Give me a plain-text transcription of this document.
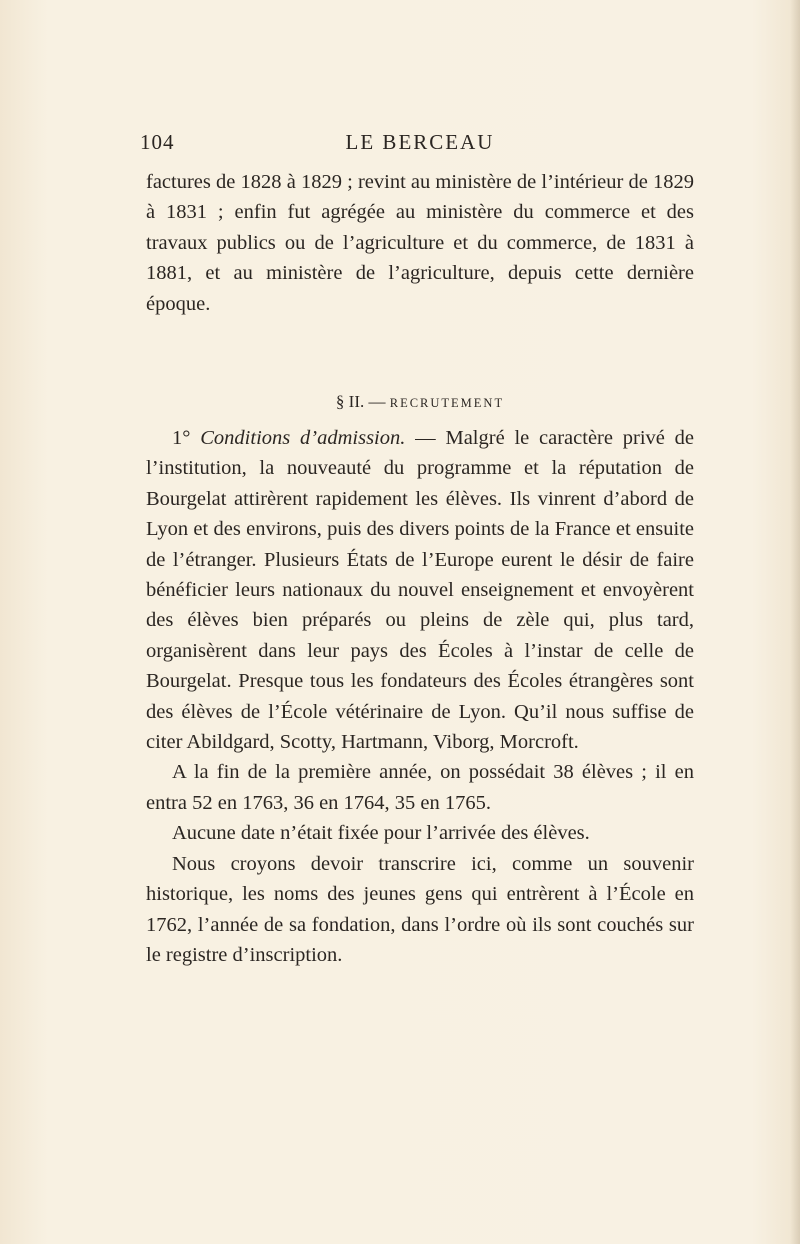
104	LE BERCEAU

factures de 1828 à 1829 ; revint au ministère de l’intérieur de 1829 à 1831 ; enfin fut agrégée au ministère du commerce et des travaux publics ou de l’agriculture et du commerce, de 1831 à 1881, et au ministère de l’agriculture, depuis cette dernière époque.

§ II. — RECRUTEMENT

1° Conditions d’admission. — Malgré le caractère privé de l’institution, la nouveauté du programme et la réputation de Bourgelat attirèrent rapidement les élèves. Ils vinrent d’abord de Lyon et des environs, puis des divers points de la France et ensuite de l’étranger. Plusieurs États de l’Europe eurent le désir de faire bénéficier leurs nationaux du nouvel enseignement et envoyèrent des élèves bien préparés ou pleins de zèle qui, plus tard, organisèrent dans leur pays des Écoles à l’instar de celle de Bourgelat. Presque tous les fondateurs des Écoles étrangères sont des élèves de l’École vétérinaire de Lyon. Qu’il nous suffise de citer Abildgard, Scotty, Hartmann, Viborg, Morcroft.

A la fin de la première année, on possédait 38 élèves ; il en entra 52 en 1763, 36 en 1764, 35 en 1765.

Aucune date n’était fixée pour l’arrivée des élèves.

Nous croyons devoir transcrire ici, comme un souvenir historique, les noms des jeunes gens qui entrèrent à l’École en 1762, l’année de sa fondation, dans l’ordre où ils sont couchés sur le registre d’inscription.
